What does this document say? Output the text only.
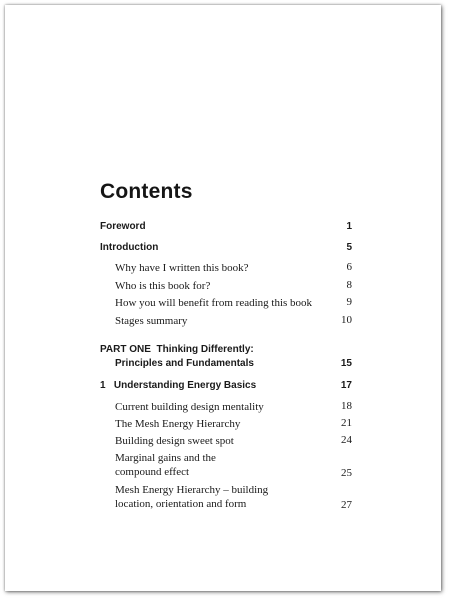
Contents
Foreword	1
Introduction	5
Why have I written this book?	6
Who is this book for?	8
How you will benefit from reading this book	9
Stages summary	10
PART ONE  Thinking Differently:
Principles and Fundamentals	15
1   Understanding Energy Basics	17
Current building design mentality	18
The Mesh Energy Hierarchy	21
Building design sweet spot	24
Marginal gains and the
compound effect	25
Mesh Energy Hierarchy – building
location, orientation and form	27
